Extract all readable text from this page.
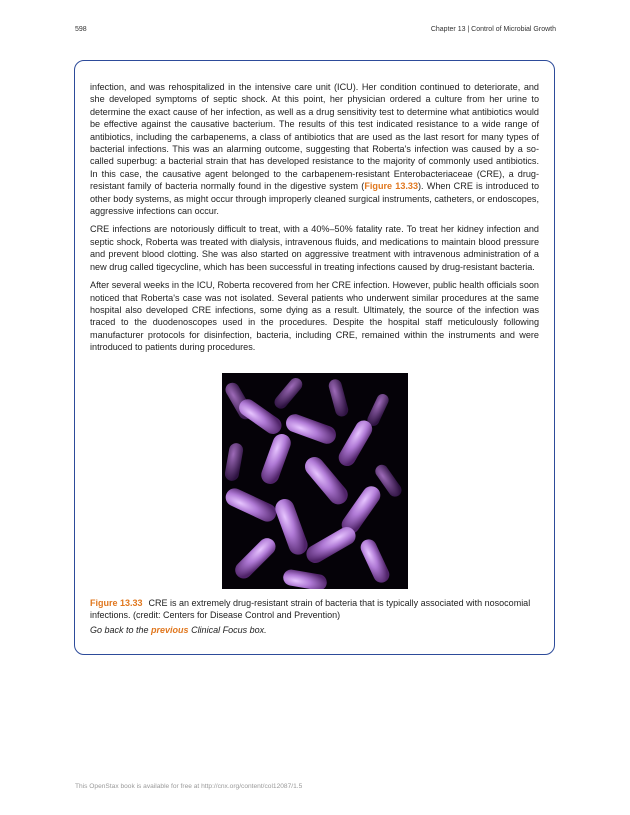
598	Chapter 13 | Control of Microbial Growth

infection, and was rehospitalized in the intensive care unit (ICU). Her condition continued to deteriorate, and she developed symptoms of septic shock. At this point, her physician ordered a culture from her urine to determine the exact cause of her infection, as well as a drug sensitivity test to determine what antibiotics would be effective against the causative bacterium. The results of this test indicated resistance to a wide range of antibiotics, including the carbapenems, a class of antibiotics that are used as the last resort for many types of bacterial infections. This was an alarming outcome, suggesting that Roberta's infection was caused by a so-called superbug: a bacterial strain that has developed resistance to the majority of commonly used antibiotics. In this case, the causative agent belonged to the carbapenem-resistant Enterobacteriaceae (CRE), a drug-resistant family of bacteria normally found in the digestive system (Figure 13.33). When CRE is introduced to other body systems, as might occur through improperly cleaned surgical instruments, catheters, or endoscopes, aggressive infections can occur.

CRE infections are notoriously difficult to treat, with a 40%–50% fatality rate. To treat her kidney infection and septic shock, Roberta was treated with dialysis, intravenous fluids, and medications to maintain blood pressure and prevent blood clotting. She was also started on aggressive treatment with intravenous administration of a new drug called tigecycline, which has been successful in treating infections caused by drug-resistant bacteria.

After several weeks in the ICU, Roberta recovered from her CRE infection. However, public health officials soon noticed that Roberta's case was not isolated. Several patients who underwent similar procedures at the same hospital also developed CRE infections, some dying as a result. Ultimately, the source of the infection was traced to the duodenoscopes used in the procedures. Despite the hospital staff meticulously following manufacturer protocols for disinfection, bacteria, including CRE, remained within the instruments and were introduced to patients during procedures.

Figure 13.33 CRE is an extremely drug-resistant strain of bacteria that is typically associated with nosocomial infections. (credit: Centers for Disease Control and Prevention)
Go back to the previous Clinical Focus box.
This OpenStax book is available for free at http://cnx.org/content/col12087/1.5
